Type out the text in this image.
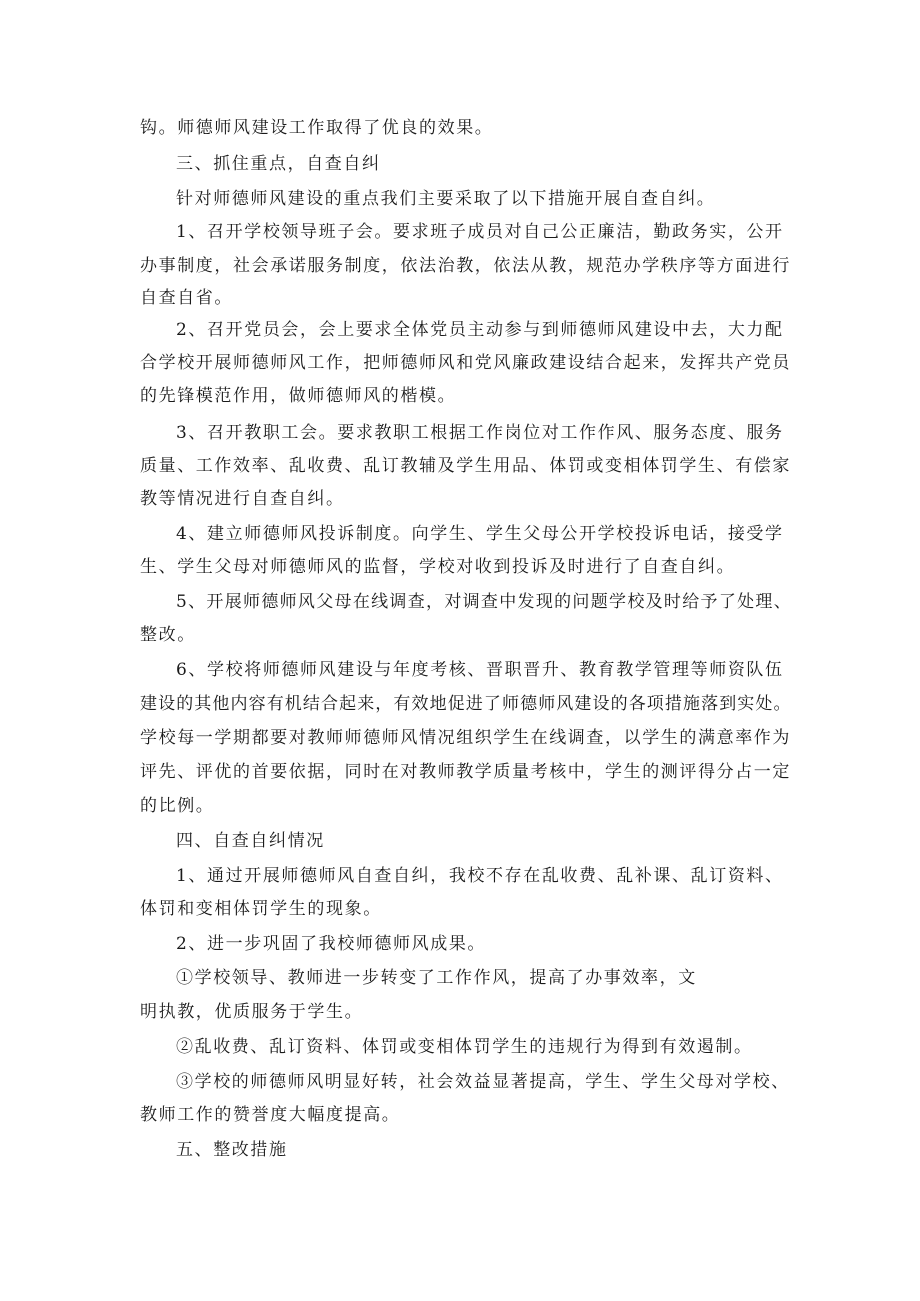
钩。师德师风建设工作取得了优良的效果。
三、抓住重点，自查自纠
针对师德师风建设的重点我们主要采取了以下措施开展自查自纠。
1、召开学校领导班子会。要求班子成员对自己公正廉洁，勤政务实，公开
办事制度，社会承诺服务制度，依法治教，依法从教，规范办学秩序等方面进行
自查自省。
2、召开党员会，会上要求全体党员主动参与到师德师风建设中去，大力配
合学校开展师德师风工作，把师德师风和党风廉政建设结合起来，发挥共产党员
的先锋模范作用，做师德师风的楷模。
3、召开教职工会。要求教职工根据工作岗位对工作作风、服务态度、服务
质量、工作效率、乱收费、乱订教辅及学生用品、体罚或变相体罚学生、有偿家
教等情况进行自查自纠。
4、建立师德师风投诉制度。向学生、学生父母公开学校投诉电话，接受学
生、学生父母对师德师风的监督，学校对收到投诉及时进行了自查自纠。
5、开展师德师风父母在线调查，对调查中发现的问题学校及时给予了处理、
整改。
6、学校将师德师风建设与年度考核、晋职晋升、教育教学管理等师资队伍
建设的其他内容有机结合起来，有效地促进了师德师风建设的各项措施落到实处。
学校每一学期都要对教师师德师风情况组织学生在线调查，以学生的满意率作为
评先、评优的首要依据，同时在对教师教学质量考核中，学生的测评得分占一定
的比例。
四、自查自纠情况
1、通过开展师德师风自查自纠，我校不存在乱收费、乱补课、乱订资料、
体罚和变相体罚学生的现象。
2、进一步巩固了我校师德师风成果。
①学校领导、教师进一步转变了工作作风，提高了办事效率，文
明执教，优质服务于学生。
②乱收费、乱订资料、体罚或变相体罚学生的违规行为得到有效遏制。
③学校的师德师风明显好转，社会效益显著提高，学生、学生父母对学校、
教师工作的赞誉度大幅度提高。
五、整改措施
